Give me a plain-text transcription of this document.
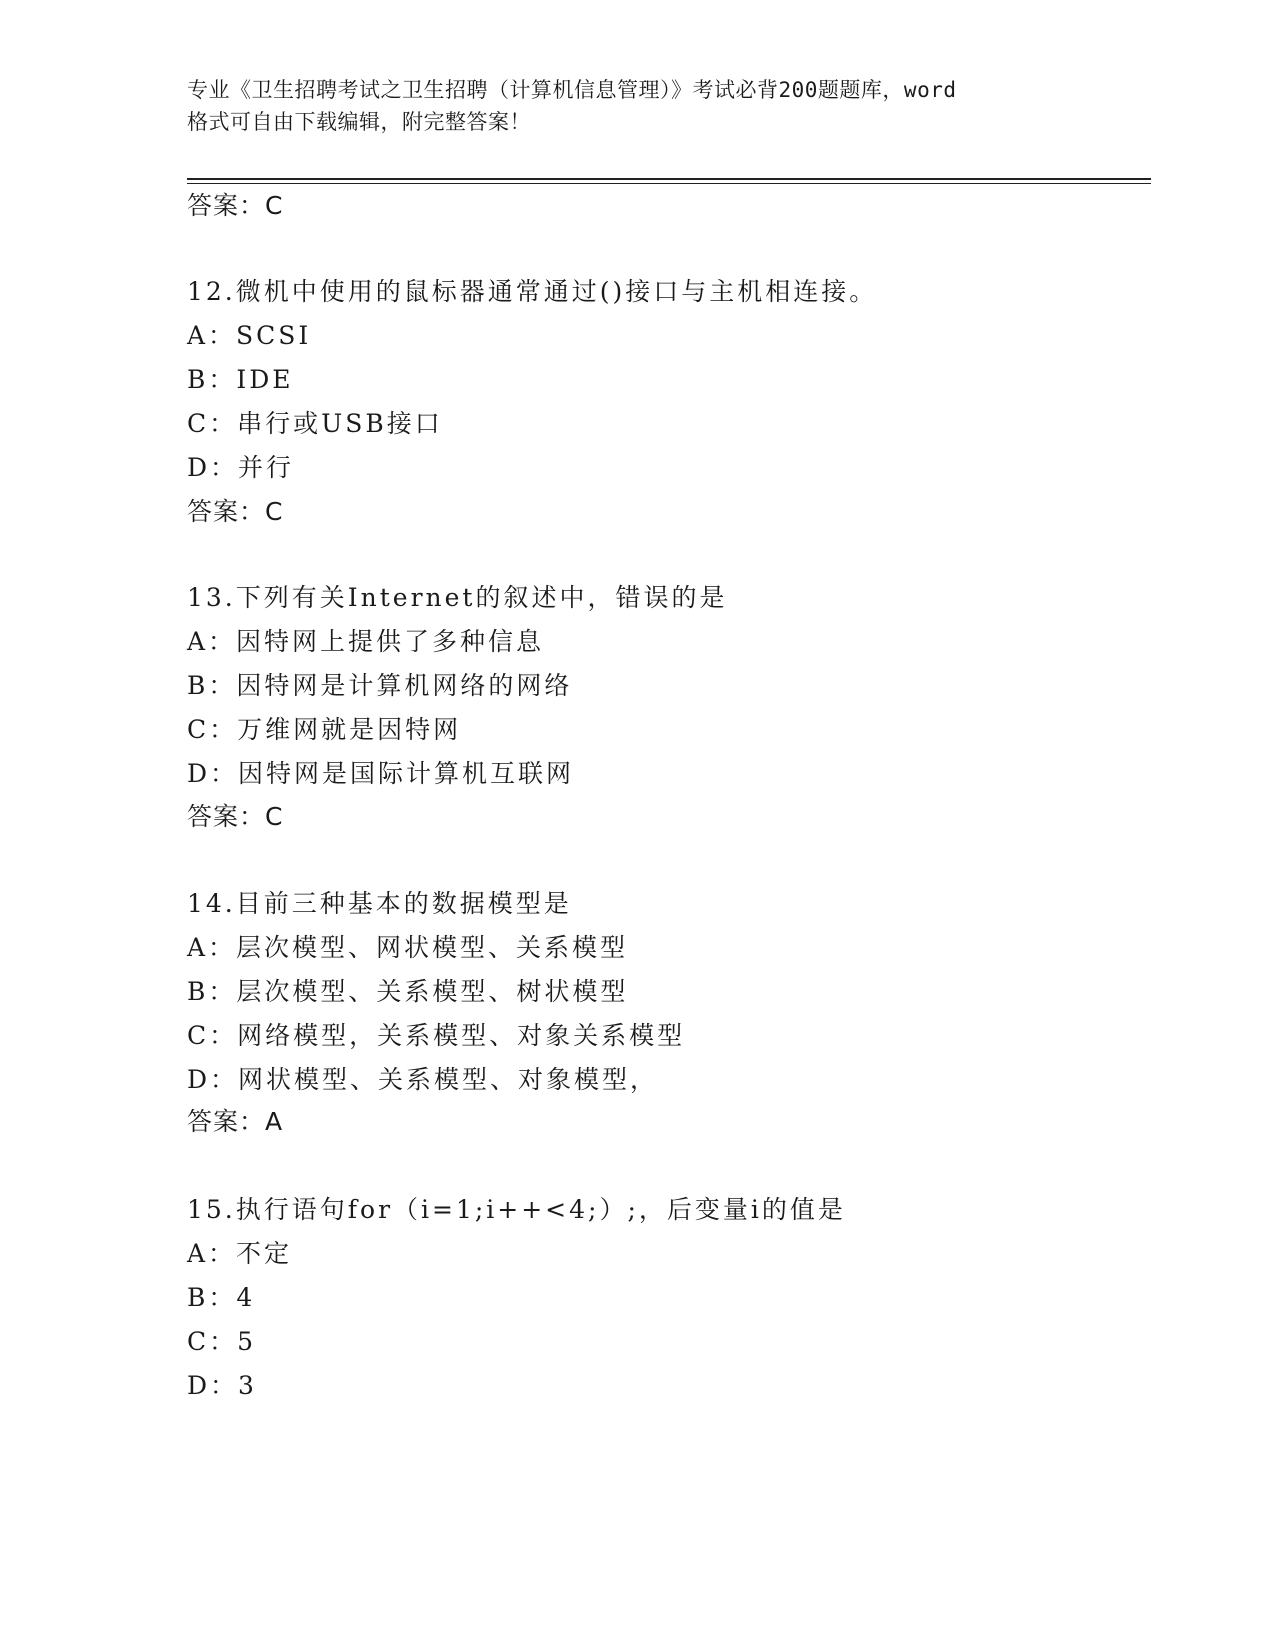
专业《卫生招聘考试之卫生招聘（计算机信息管理）》考试必背200题题库，word
格式可自由下载编辑，附完整答案！
答案：C
12.微机中使用的鼠标器通常通过()接口与主机相连接。
A：SCSI
B：IDE
C：串行或USB接口
D：并行
答案：C
13.下列有关Internet的叙述中，错误的是
A：因特网上提供了多种信息
B：因特网是计算机网络的网络
C：万维网就是因特网
D：因特网是国际计算机互联网
答案：C
14.目前三种基本的数据模型是
A：层次模型、网状模型、关系模型
B：层次模型、关系模型、树状模型
C：网络模型，关系模型、对象关系模型
D：网状模型、关系模型、对象模型，
答案：A
15.执行语句for（i=1;i++<4;）;，后变量i的值是
A：不定
B：4
C：5
D：3
